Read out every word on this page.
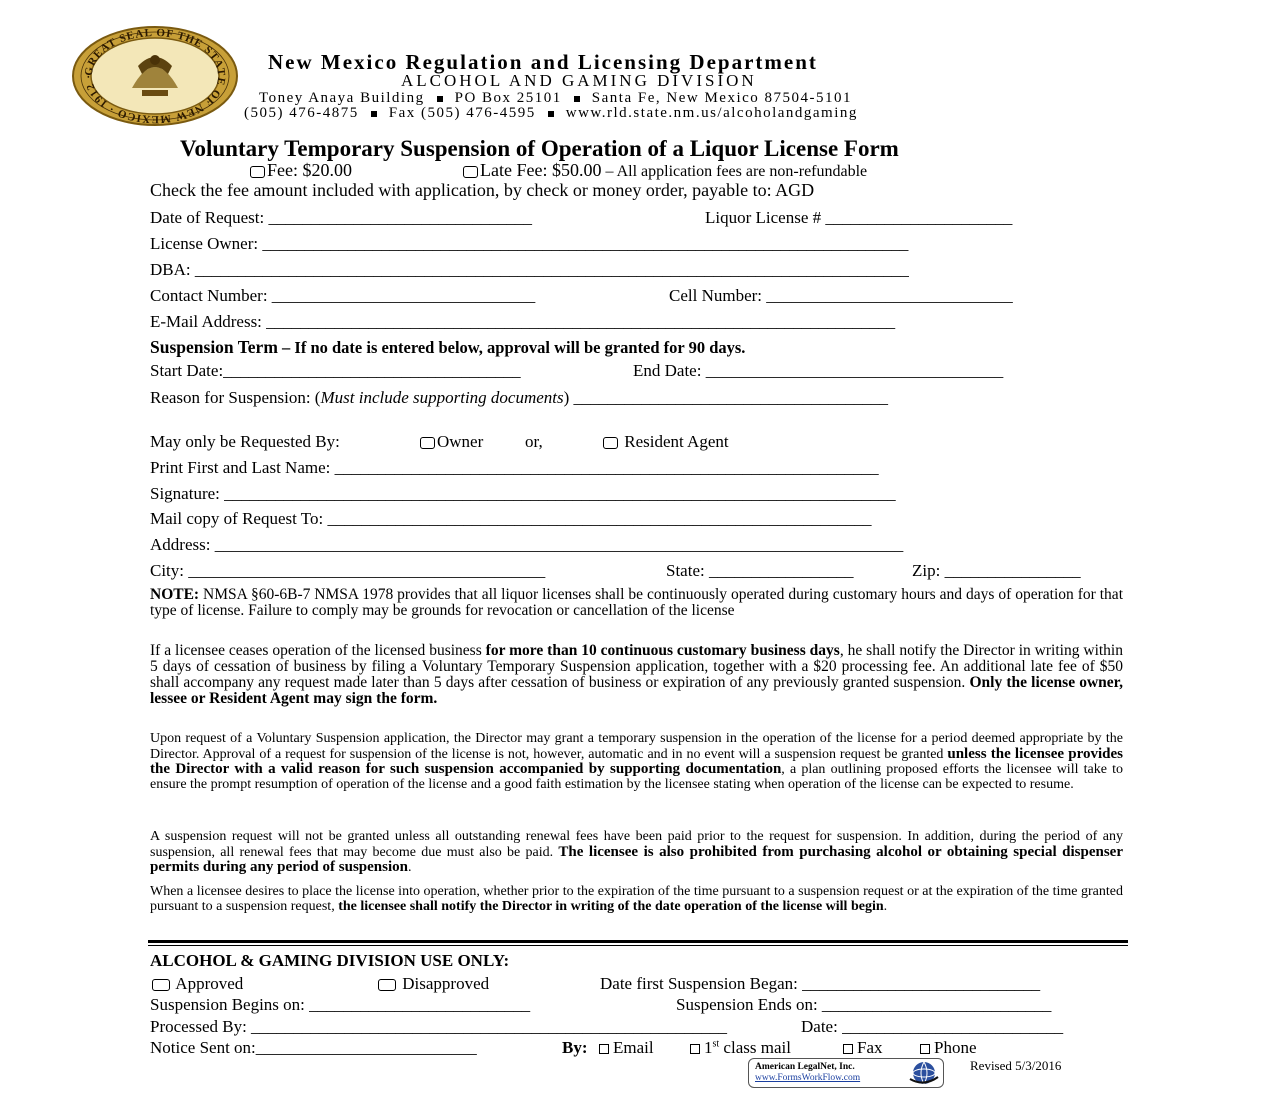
GREAT SEAL OF THE STATE OF NEW MEXICO · 1912 ·
New Mexico Regulation and Licensing Department
ALCOHOL AND GAMING DIVISION
Toney Anaya Building PO Box 25101 Santa Fe, New Mexico 87504-5101
(505) 476-4875 Fax (505) 476-4595 www.rld.state.nm.us/alcoholandgaming
Voluntary Temporary Suspension of Operation of a Liquor License Form
Fee: $20.00	Late Fee: $50.00 – All application fees are non-refundable
Check the fee amount included with application, by check or money order, payable to: AGD
Date of Request: _______________________________	Liquor License # ______________________
License Owner: ____________________________________________________________________________
DBA: ____________________________________________________________________________________
Contact Number: _______________________________	Cell Number: _____________________________
E-Mail Address: __________________________________________________________________________
Suspension Term – If no date is entered below, approval will be granted for 90 days.
Start Date:___________________________________	End Date: ___________________________________
Reason for Suspension: (Must include supporting documents) _____________________________________
May only be Requested By:	Owner or,	Resident Agent
Print First and Last Name: ________________________________________________________________
Signature: _______________________________________________________________________________
Mail copy of Request To: ________________________________________________________________
Address: _________________________________________________________________________________
City: __________________________________________	State: _________________	Zip: ________________
NOTE: NMSA §60-6B-7 NMSA 1978 provides that all liquor licenses shall be continuously operated during customary hours and days of operation for that type of license. Failure to comply may be grounds for revocation or cancellation of the license
If a licensee ceases operation of the licensed business for more than 10 continuous customary business days, he shall notify the Director in writing within 5 days of cessation of business by filing a Voluntary Temporary Suspension application, together with a $20 processing fee. An additional late fee of $50 shall accompany any request made later than 5 days after cessation of business or expiration of any previously granted suspension. Only the license owner, lessee or Resident Agent may sign the form.
Upon request of a Voluntary Suspension application, the Director may grant a temporary suspension in the operation of the license for a period deemed appropriate by the Director. Approval of a request for suspension of the license is not, however, automatic and in no event will a suspension request be granted unless the licensee provides the Director with a valid reason for such suspension accompanied by supporting documentation, a plan outlining proposed efforts the licensee will take to ensure the prompt resumption of operation of the license and a good faith estimation by the licensee stating when operation of the license can be expected to resume.
A suspension request will not be granted unless all outstanding renewal fees have been paid prior to the request for suspension. In addition, during the period of any suspension, all renewal fees that may become due must also be paid. The licensee is also prohibited from purchasing alcohol or obtaining special dispenser permits during any period of suspension.
When a licensee desires to place the license into operation, whether prior to the expiration of the time pursuant to a suspension request or at the expiration of the time granted pursuant to a suspension request, the licensee shall notify the Director in writing of the date operation of the license will begin.
ALCOHOL & GAMING DIVISION USE ONLY:
Approved	Disapproved	Date first Suspension Began: ____________________________
Suspension Begins on: __________________________	Suspension Ends on: ___________________________
Processed By: ________________________________________________________	Date: __________________________
Notice Sent on:__________________________	By:	Email	1st class mail	Fax	Phone
American LegalNet, Inc.
www.FormsWorkFlow.com
Revised 5/3/2016
